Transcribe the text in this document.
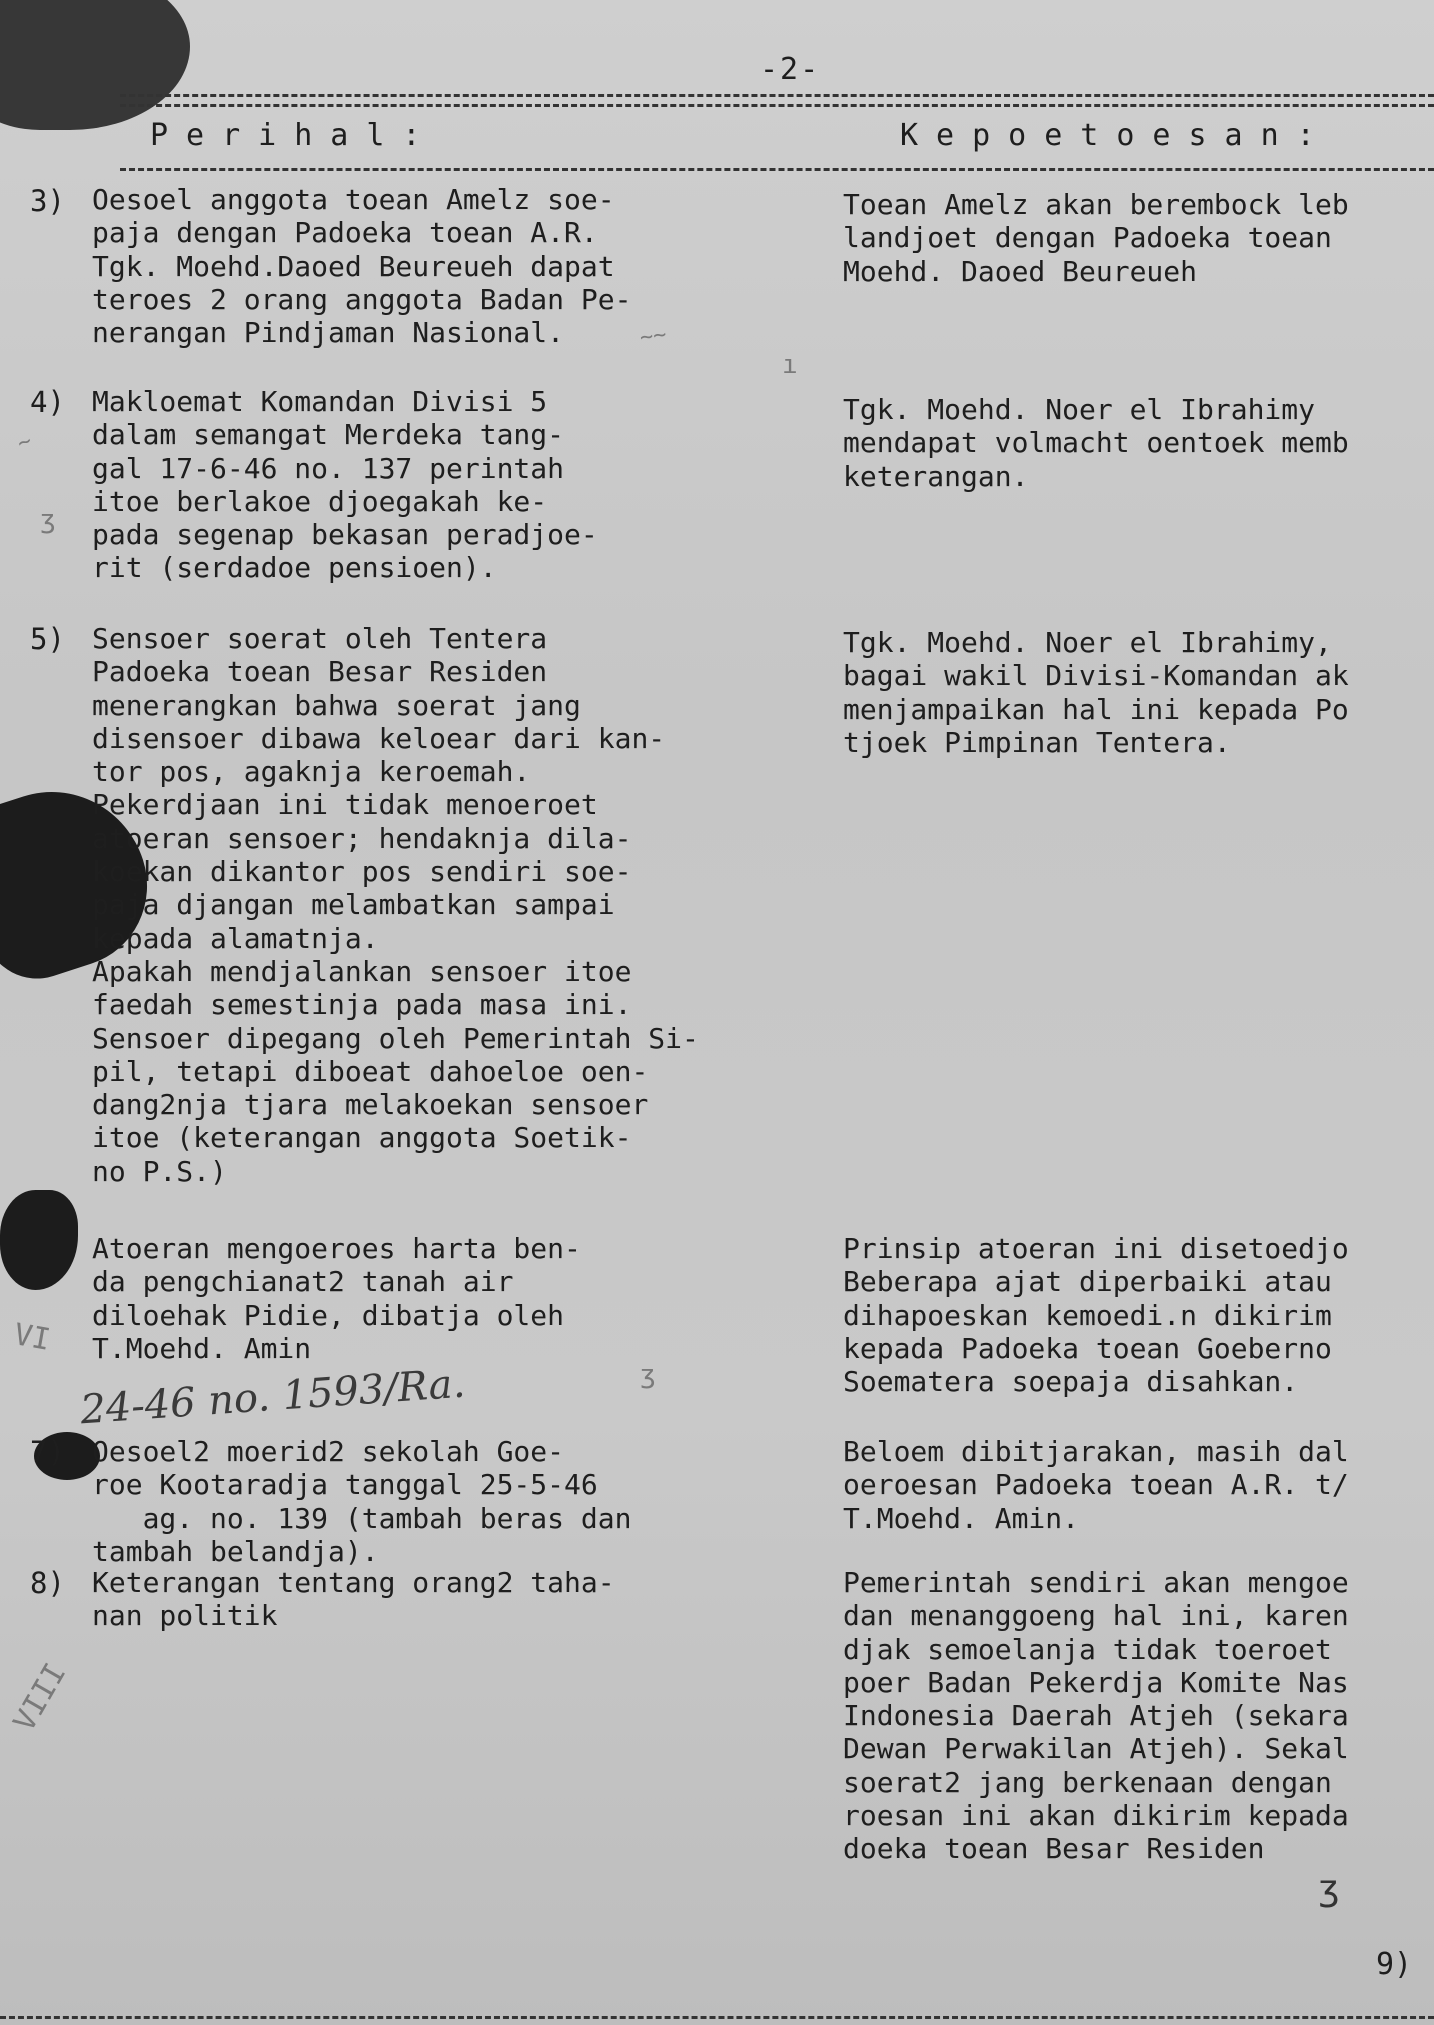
-2-
Perihal:	Kepoetoesan:
3) Oesoel anggota toean Amelz soe-
paja dengan Padoeka toean A.R.
Tgk. Moehd.Daoed Beureueh dapat
teroes 2 orang anggota Badan Pe-
nerangan Pindjaman Nasional.
Toean Amelz akan berembock leb
landjoet dengan Padoeka toean
Moehd. Daoed Beureueh
4) Makloemat Komandan Divisi 5
dalam semangat Merdeka tang-
gal 17-6-46 no. 137 perintah
itoe berlakoe djoegakah ke-
pada segenap bekasan peradjoe-
rit (serdadoe pensioen).
Tgk. Moehd. Noer el Ibrahimy
mendapat volmacht oentoek memb
keterangan.
5) Sensoer soerat oleh Tentera
Padoeka toean Besar Residen
menerangkan bahwa soerat jang
disensoer dibawa keloear dari kan-
tor pos, agaknja keroemah.
Pekerdjaan ini tidak menoeroet
atoeran sensoer; hendaknja dila-
koekan dikantor pos sendiri soe-
paja djangan melambatkan sampai
kepada alamatnja.
Apakah mendjalankan sensoer itoe
faedah semestinja pada masa ini.
Sensoer dipegang oleh Pemerintah Si-
pil, tetapi diboeat dahoeloe oen-
dang2nja tjara melakoekan sensoer
itoe (keterangan anggota Soetik-
no P.S.)
Tgk. Moehd. Noer el Ibrahimy,
bagai wakil Divisi-Komandan ak
menjampaikan hal ini kepada Po
tjoek Pimpinan Tentera.
Atoeran mengoeroes harta ben-
da pengchianat2 tanah air
diloehak Pidie, dibatja oleh
T.Moehd. Amin
Prinsip atoeran ini disetoedjo
Beberapa ajat diperbaiki atau
dihapoeskan kemoedi.n dikirim
kepada Padoeka toean Goeberno
Soematera soepaja disahkan.
7) Oesoel2 moerid2 sekolah Goe-
roe Kootaradja tanggal 25-5-46
ag. no. 139 (tambah beras dan
tambah belandja).
Beloem dibitjarakan, masih dal
oeroesan Padoeka toean A.R. t/
T.Moehd. Amin.
8) Keterangan tentang orang2 taha-
nan politik
Pemerintah sendiri akan mengoe
dan menanggoeng hal ini, karen
djak semoelanja tidak toeroet
poer Badan Pekerdja Komite Nas
Indonesia Daerah Atjeh (sekara
Dewan Perwakilan Atjeh). Sekal
soerat2 jang berkenaan dengan
roesan ini akan dikirim kepada
doeka toean Besar Residen
24-46 no. 1593/Ra.
~~
ı
~
ʒ
ʒ
VI
VIII
ʒ
9)
